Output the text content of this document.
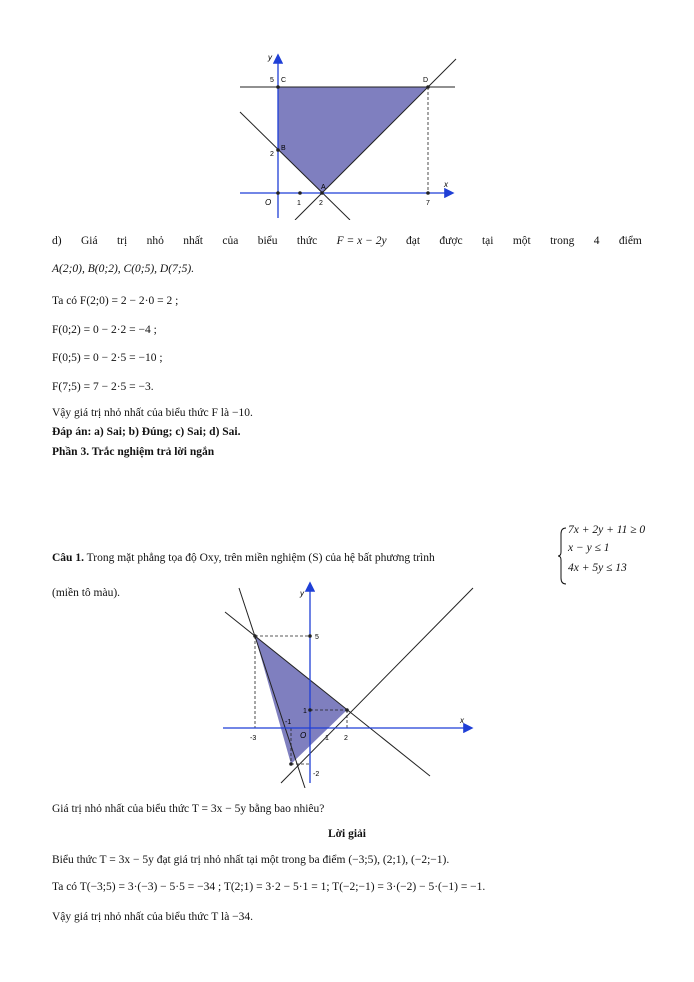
y
x
O	1	2	7
2
5
A
B
C	D
d) Giá trị nhỏ nhất của biểu thức F = x − 2y đạt được tại một trong 4 điểm
A(2;0), B(0;2), C(0;5), D(7;5).
Ta có F(2;0) = 2 − 2·0 = 2 ;
F(0;2) = 0 − 2·2 = −4 ;
F(0;5) = 0 − 2·5 = −10 ;
F(7;5) = 7 − 2·5 = −3.
Vậy giá trị nhỏ nhất của biểu thức F là −10.
Đáp án: a) Sai; b) Đúng; c) Sai; d) Sai.
Phần 3. Trắc nghiệm trả lời ngắn
Câu 1. Trong mặt phẳng tọa độ Oxy, trên miền nghiệm (S) của hệ bất phương trình
7x + 2y + 11 ≥ 0
x − y ≤ 1
4x + 5y ≤ 13
(miền tô màu).	y
x
O
-3
-1
1 2
5
1
-2
Giá trị nhỏ nhất của biểu thức T = 3x − 5y bằng bao nhiêu?
Lời giải
Biểu thức T = 3x − 5y đạt giá trị nhỏ nhất tại một trong ba điểm (−3;5), (2;1), (−2;−1).
Ta có T(−3;5) = 3·(−3) − 5·5 = −34 ; T(2;1) = 3·2 − 5·1 = 1; T(−2;−1) = 3·(−2) − 5·(−1) = −1.
Vậy giá trị nhỏ nhất của biểu thức T là −34.
